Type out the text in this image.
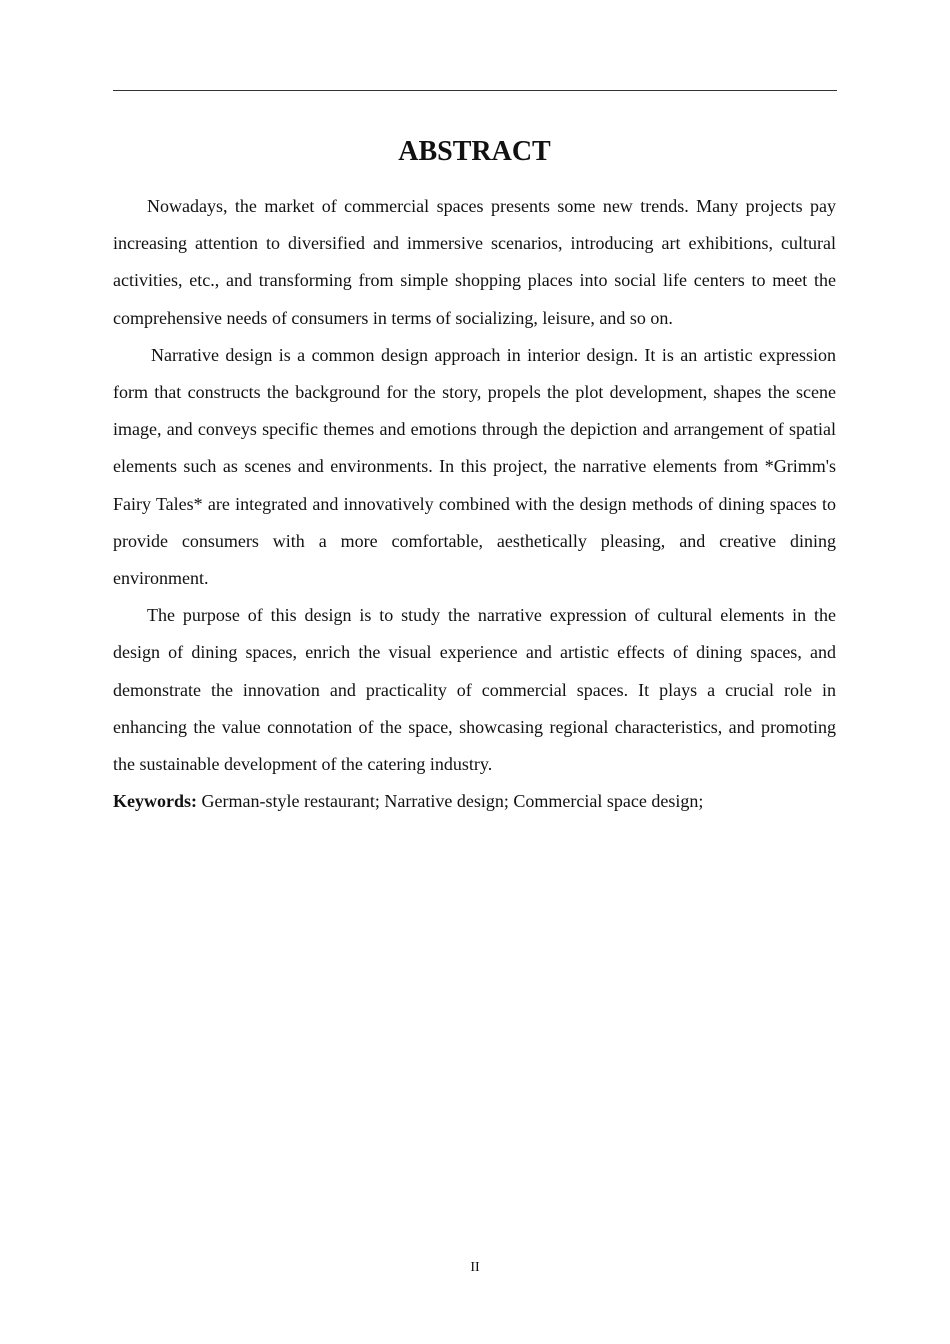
ABSTRACT

Nowadays, the market of commercial spaces presents some new trends. Many projects pay increasing attention to diversified and immersive scenarios, introducing art exhibitions, cultural activities, etc., and transforming from simple shopping places into social life centers to meet the comprehensive needs of consumers in terms of socializing, leisure, and so on.

Narrative design is a common design approach in interior design. It is an artistic expression form that constructs the background for the story, propels the plot development, shapes the scene image, and conveys specific themes and emotions through the depiction and arrangement of spatial elements such as scenes and environments. In this project, the narrative elements from *Grimm's Fairy Tales* are integrated and innovatively combined with the design methods of dining spaces to provide consumers with a more comfortable, aesthetically pleasing, and creative dining environment.

The purpose of this design is to study the narrative expression of cultural elements in the design of dining spaces, enrich the visual experience and artistic effects of dining spaces, and demonstrate the innovation and practicality of commercial spaces. It plays a crucial role in enhancing the value connotation of the space, showcasing regional characteristics, and promoting the sustainable development of the catering industry.

Keywords: German-style restaurant; Narrative design; Commercial space design;

II
